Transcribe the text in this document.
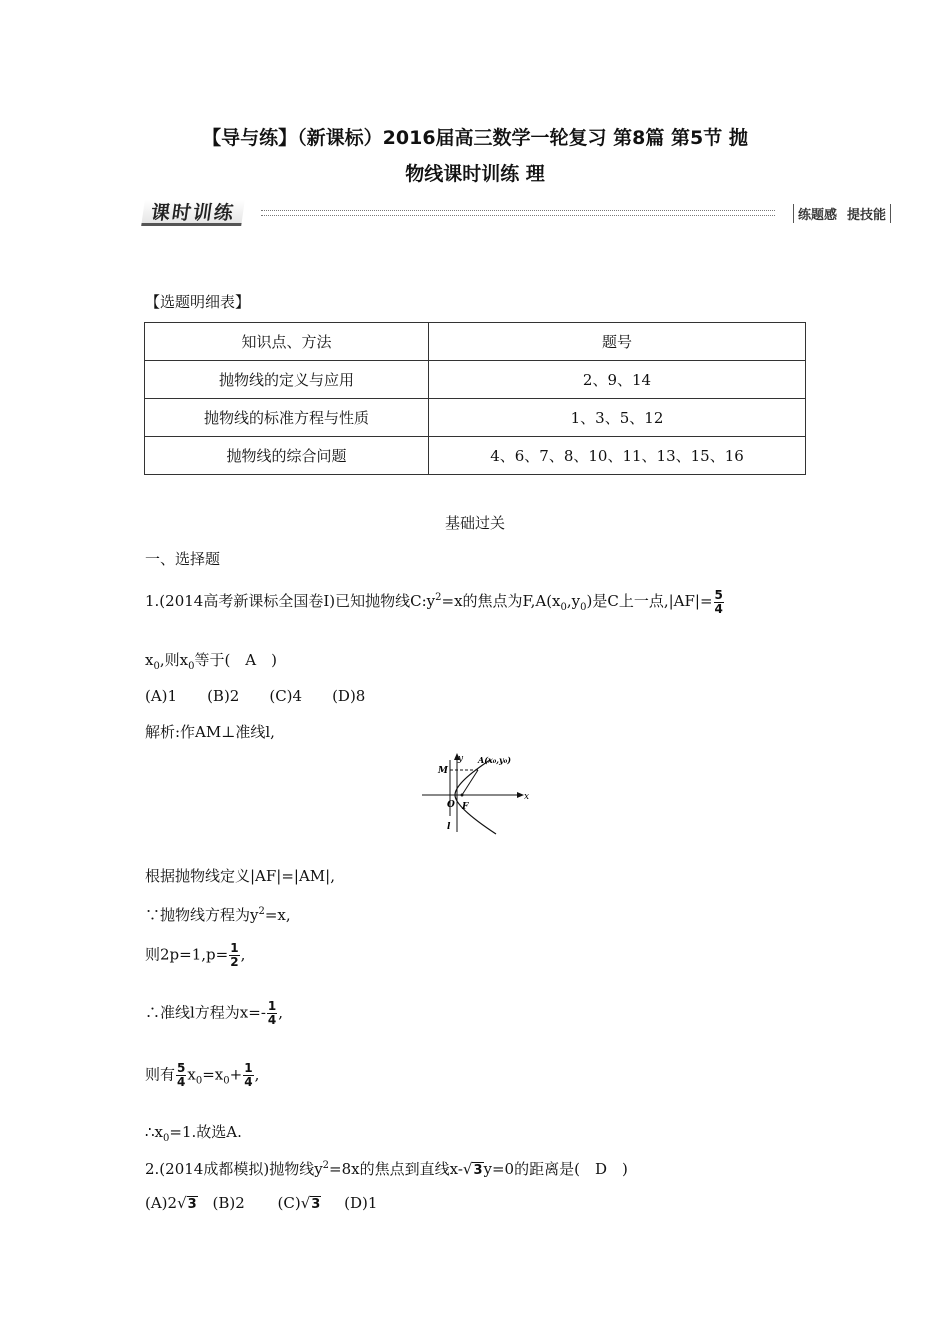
【导与练】（新课标）2016届高三数学一轮复习 第8篇 第5节 抛
物线课时训练 理
课时训练	练题感 提技能
【选题明细表】
知识点、方法	题号
抛物线的定义与应用	2、9、14
抛物线的标准方程与性质	1、3、5、12
抛物线的综合问题	4、6、7、8、10、11、13、15、16
基础过关
一、选择题
1.(2014高考新课标全国卷Ⅰ)已知抛物线$C:y^2=x$的焦点为$F,A(x_0,y_0)$是C上一点$,|AF|= \frac{5}{4}$
$x_0$,则$x_0$等于(　A　)
(A)1　　(B)2　　(C)4　　(D)8
解析:作AM⊥准线l,
y
x
M
A(x₀,y₀)
O F
l
根据抛物线定义|AF|=|AM|,
∵抛物线方程为$y^2=x$,
则$2p=1,p= \frac{1}{2}$ ,
∴准线l方程为$x=- \frac{1}{4}$ ,
则有 $\frac{5}{4} x_0=x_0+ \frac{1}{4}$ ,
$\therefore x_0=1$.故选A.
2.(2014成都模拟)抛物线$y^2=8x$的焦点到直线x-√3y=0的距离是(　D　)
(A)2√3 (B)2 (C)√3 (D)1
